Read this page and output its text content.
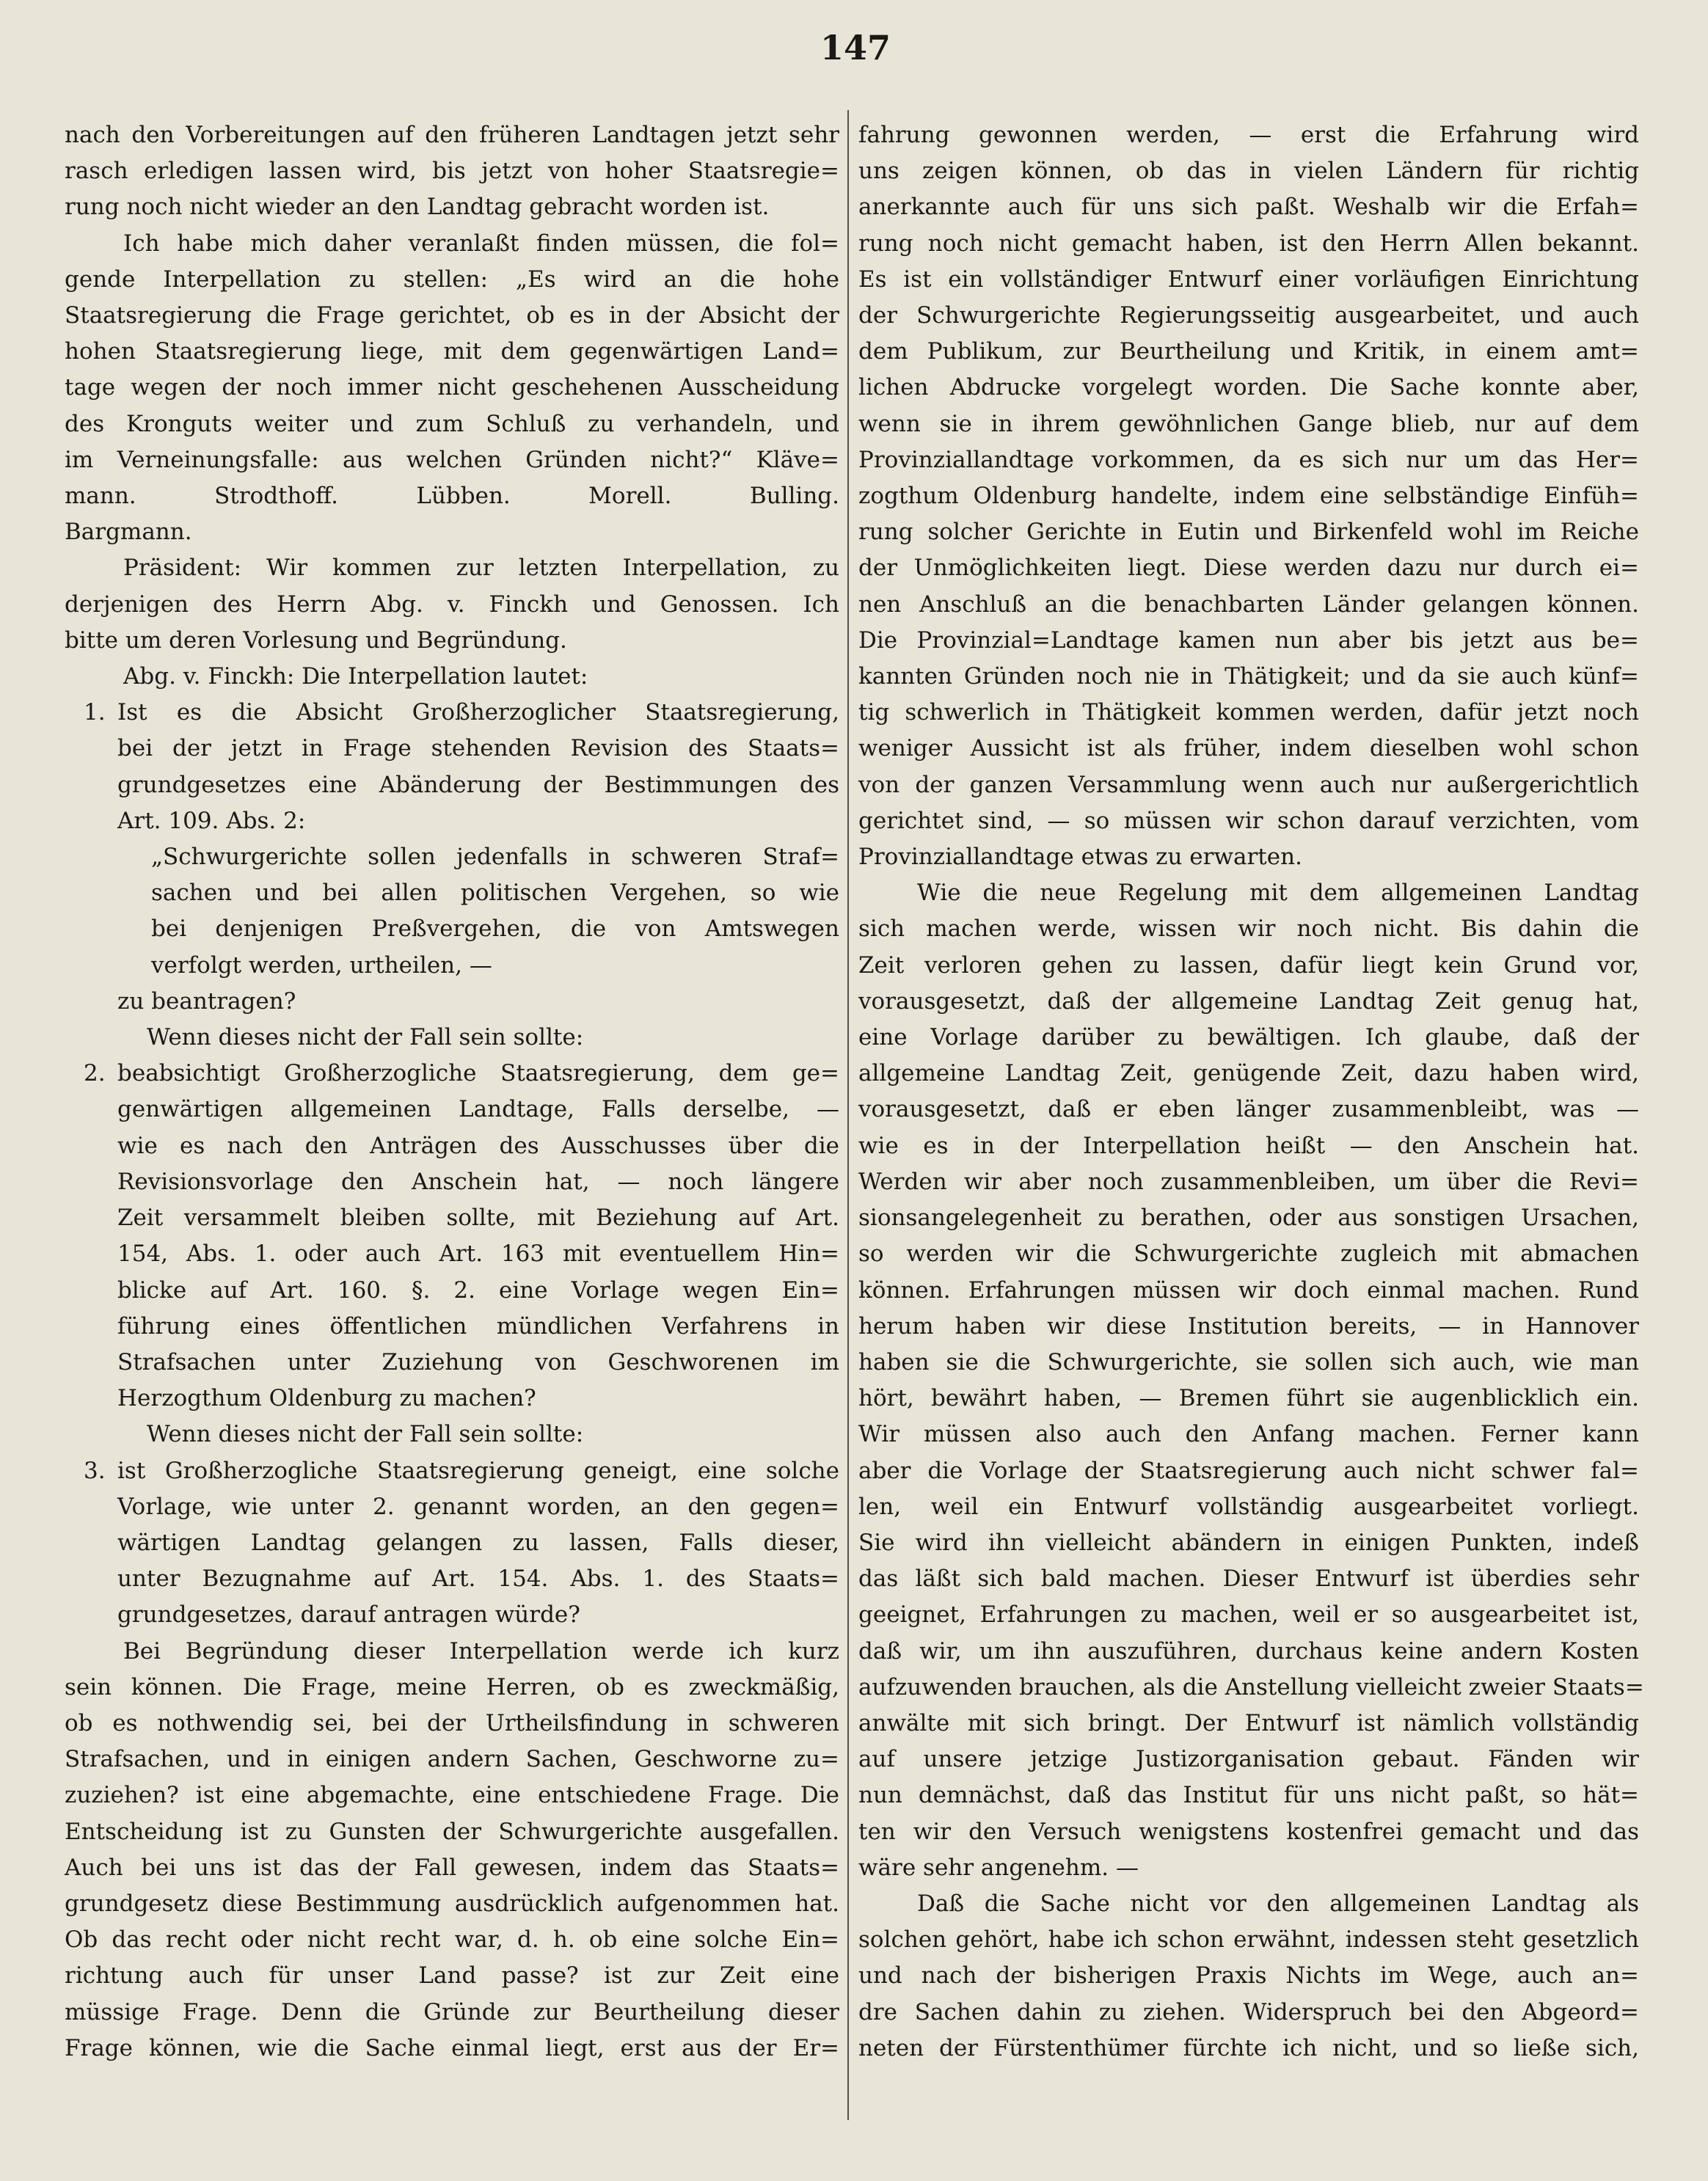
147

nach den Vorbereitungen auf den früheren Landtagen jetzt sehr

rasch erledigen lassen wird, bis jetzt von hoher Staatsregie=

rung noch nicht wieder an den Landtag gebracht worden ist.

Ich habe mich daher veranlaßt finden müssen, die fol=

gende Interpellation zu stellen: „Es wird an die hohe

Staatsregierung die Frage gerichtet, ob es in der Absicht der

hohen Staatsregierung liege, mit dem gegenwärtigen Land=

tage wegen der noch immer nicht geschehenen Ausscheidung

des Kronguts weiter und zum Schluß zu verhandeln, und

im Verneinungsfalle: aus welchen Gründen nicht?“ Kläve=

mann. Strodthoff. Lübben. Morell. Bulling.

Bargmann.

Präsident: Wir kommen zur letzten Interpellation, zu

derjenigen des Herrn Abg. v. Finckh und Genossen. Ich

bitte um deren Vorlesung und Begründung.

Abg. v. Finckh: Die Interpellation lautet:

1. Ist es die Absicht Großherzoglicher Staatsregierung,

bei der jetzt in Frage stehenden Revision des Staats=

grundgesetzes eine Abänderung der Bestimmungen des

Art. 109. Abs. 2:

„Schwurgerichte sollen jedenfalls in schweren Straf=

sachen und bei allen politischen Vergehen, so wie

bei denjenigen Preßvergehen, die von Amtswegen

verfolgt werden, urtheilen, —

zu beantragen?

Wenn dieses nicht der Fall sein sollte:

2. beabsichtigt Großherzogliche Staatsregierung, dem ge=

genwärtigen allgemeinen Landtage, Falls derselbe, —

wie es nach den Anträgen des Ausschusses über die

Revisionsvorlage den Anschein hat, — noch längere

Zeit versammelt bleiben sollte, mit Beziehung auf Art.

154, Abs. 1. oder auch Art. 163 mit eventuellem Hin=

blicke auf Art. 160. §. 2. eine Vorlage wegen Ein=

führung eines öffentlichen mündlichen Verfahrens in

Strafsachen unter Zuziehung von Geschworenen im

Herzogthum Oldenburg zu machen?

Wenn dieses nicht der Fall sein sollte:

3. ist Großherzogliche Staatsregierung geneigt, eine solche

Vorlage, wie unter 2. genannt worden, an den gegen=

wärtigen Landtag gelangen zu lassen, Falls dieser,

unter Bezugnahme auf Art. 154. Abs. 1. des Staats=

grundgesetzes, darauf antragen würde?

Bei Begründung dieser Interpellation werde ich kurz

sein können. Die Frage, meine Herren, ob es zweckmäßig,

ob es nothwendig sei, bei der Urtheilsfindung in schweren

Strafsachen, und in einigen andern Sachen, Geschworne zu=

zuziehen? ist eine abgemachte, eine entschiedene Frage. Die

Entscheidung ist zu Gunsten der Schwurgerichte ausgefallen.

Auch bei uns ist das der Fall gewesen, indem das Staats=

grundgesetz diese Bestimmung ausdrücklich aufgenommen hat.

Ob das recht oder nicht recht war, d. h. ob eine solche Ein=

richtung auch für unser Land passe? ist zur Zeit eine

müssige Frage. Denn die Gründe zur Beurtheilung dieser

Frage können, wie die Sache einmal liegt, erst aus der Er=

fahrung gewonnen werden, — erst die Erfahrung wird

uns zeigen können, ob das in vielen Ländern für richtig

anerkannte auch für uns sich paßt. Weshalb wir die Erfah=

rung noch nicht gemacht haben, ist den Herrn Allen bekannt.

Es ist ein vollständiger Entwurf einer vorläufigen Einrichtung

der Schwurgerichte Regierungsseitig ausgearbeitet, und auch

dem Publikum, zur Beurtheilung und Kritik, in einem amt=

lichen Abdrucke vorgelegt worden. Die Sache konnte aber,

wenn sie in ihrem gewöhnlichen Gange blieb, nur auf dem

Provinziallandtage vorkommen, da es sich nur um das Her=

zogthum Oldenburg handelte, indem eine selbständige Einfüh=

rung solcher Gerichte in Eutin und Birkenfeld wohl im Reiche

der Unmöglichkeiten liegt. Diese werden dazu nur durch ei=

nen Anschluß an die benachbarten Länder gelangen können.

Die Provinzial=Landtage kamen nun aber bis jetzt aus be=

kannten Gründen noch nie in Thätigkeit; und da sie auch künf=

tig schwerlich in Thätigkeit kommen werden, dafür jetzt noch

weniger Aussicht ist als früher, indem dieselben wohl schon

von der ganzen Versammlung wenn auch nur außergerichtlich

gerichtet sind, — so müssen wir schon darauf verzichten, vom

Provinziallandtage etwas zu erwarten.

Wie die neue Regelung mit dem allgemeinen Landtag

sich machen werde, wissen wir noch nicht. Bis dahin die

Zeit verloren gehen zu lassen, dafür liegt kein Grund vor,

vorausgesetzt, daß der allgemeine Landtag Zeit genug hat,

eine Vorlage darüber zu bewältigen. Ich glaube, daß der

allgemeine Landtag Zeit, genügende Zeit, dazu haben wird,

vorausgesetzt, daß er eben länger zusammenbleibt, was —

wie es in der Interpellation heißt — den Anschein hat.

Werden wir aber noch zusammenbleiben, um über die Revi=

sionsangelegenheit zu berathen, oder aus sonstigen Ursachen,

so werden wir die Schwurgerichte zugleich mit abmachen

können. Erfahrungen müssen wir doch einmal machen. Rund

herum haben wir diese Institution bereits, — in Hannover

haben sie die Schwurgerichte, sie sollen sich auch, wie man

hört, bewährt haben, — Bremen führt sie augenblicklich ein.

Wir müssen also auch den Anfang machen. Ferner kann

aber die Vorlage der Staatsregierung auch nicht schwer fal=

len, weil ein Entwurf vollständig ausgearbeitet vorliegt.

Sie wird ihn vielleicht abändern in einigen Punkten, indeß

das läßt sich bald machen. Dieser Entwurf ist überdies sehr

geeignet, Erfahrungen zu machen, weil er so ausgearbeitet ist,

daß wir, um ihn auszuführen, durchaus keine andern Kosten

aufzuwenden brauchen, als die Anstellung vielleicht zweier Staats=

anwälte mit sich bringt. Der Entwurf ist nämlich vollständig

auf unsere jetzige Justizorganisation gebaut. Fänden wir

nun demnächst, daß das Institut für uns nicht paßt, so hät=

ten wir den Versuch wenigstens kostenfrei gemacht und das

wäre sehr angenehm. —

Daß die Sache nicht vor den allgemeinen Landtag als

solchen gehört, habe ich schon erwähnt, indessen steht gesetzlich

und nach der bisherigen Praxis Nichts im Wege, auch an=

dre Sachen dahin zu ziehen. Widerspruch bei den Abgeord=

neten der Fürstenthümer fürchte ich nicht, und so ließe sich,
